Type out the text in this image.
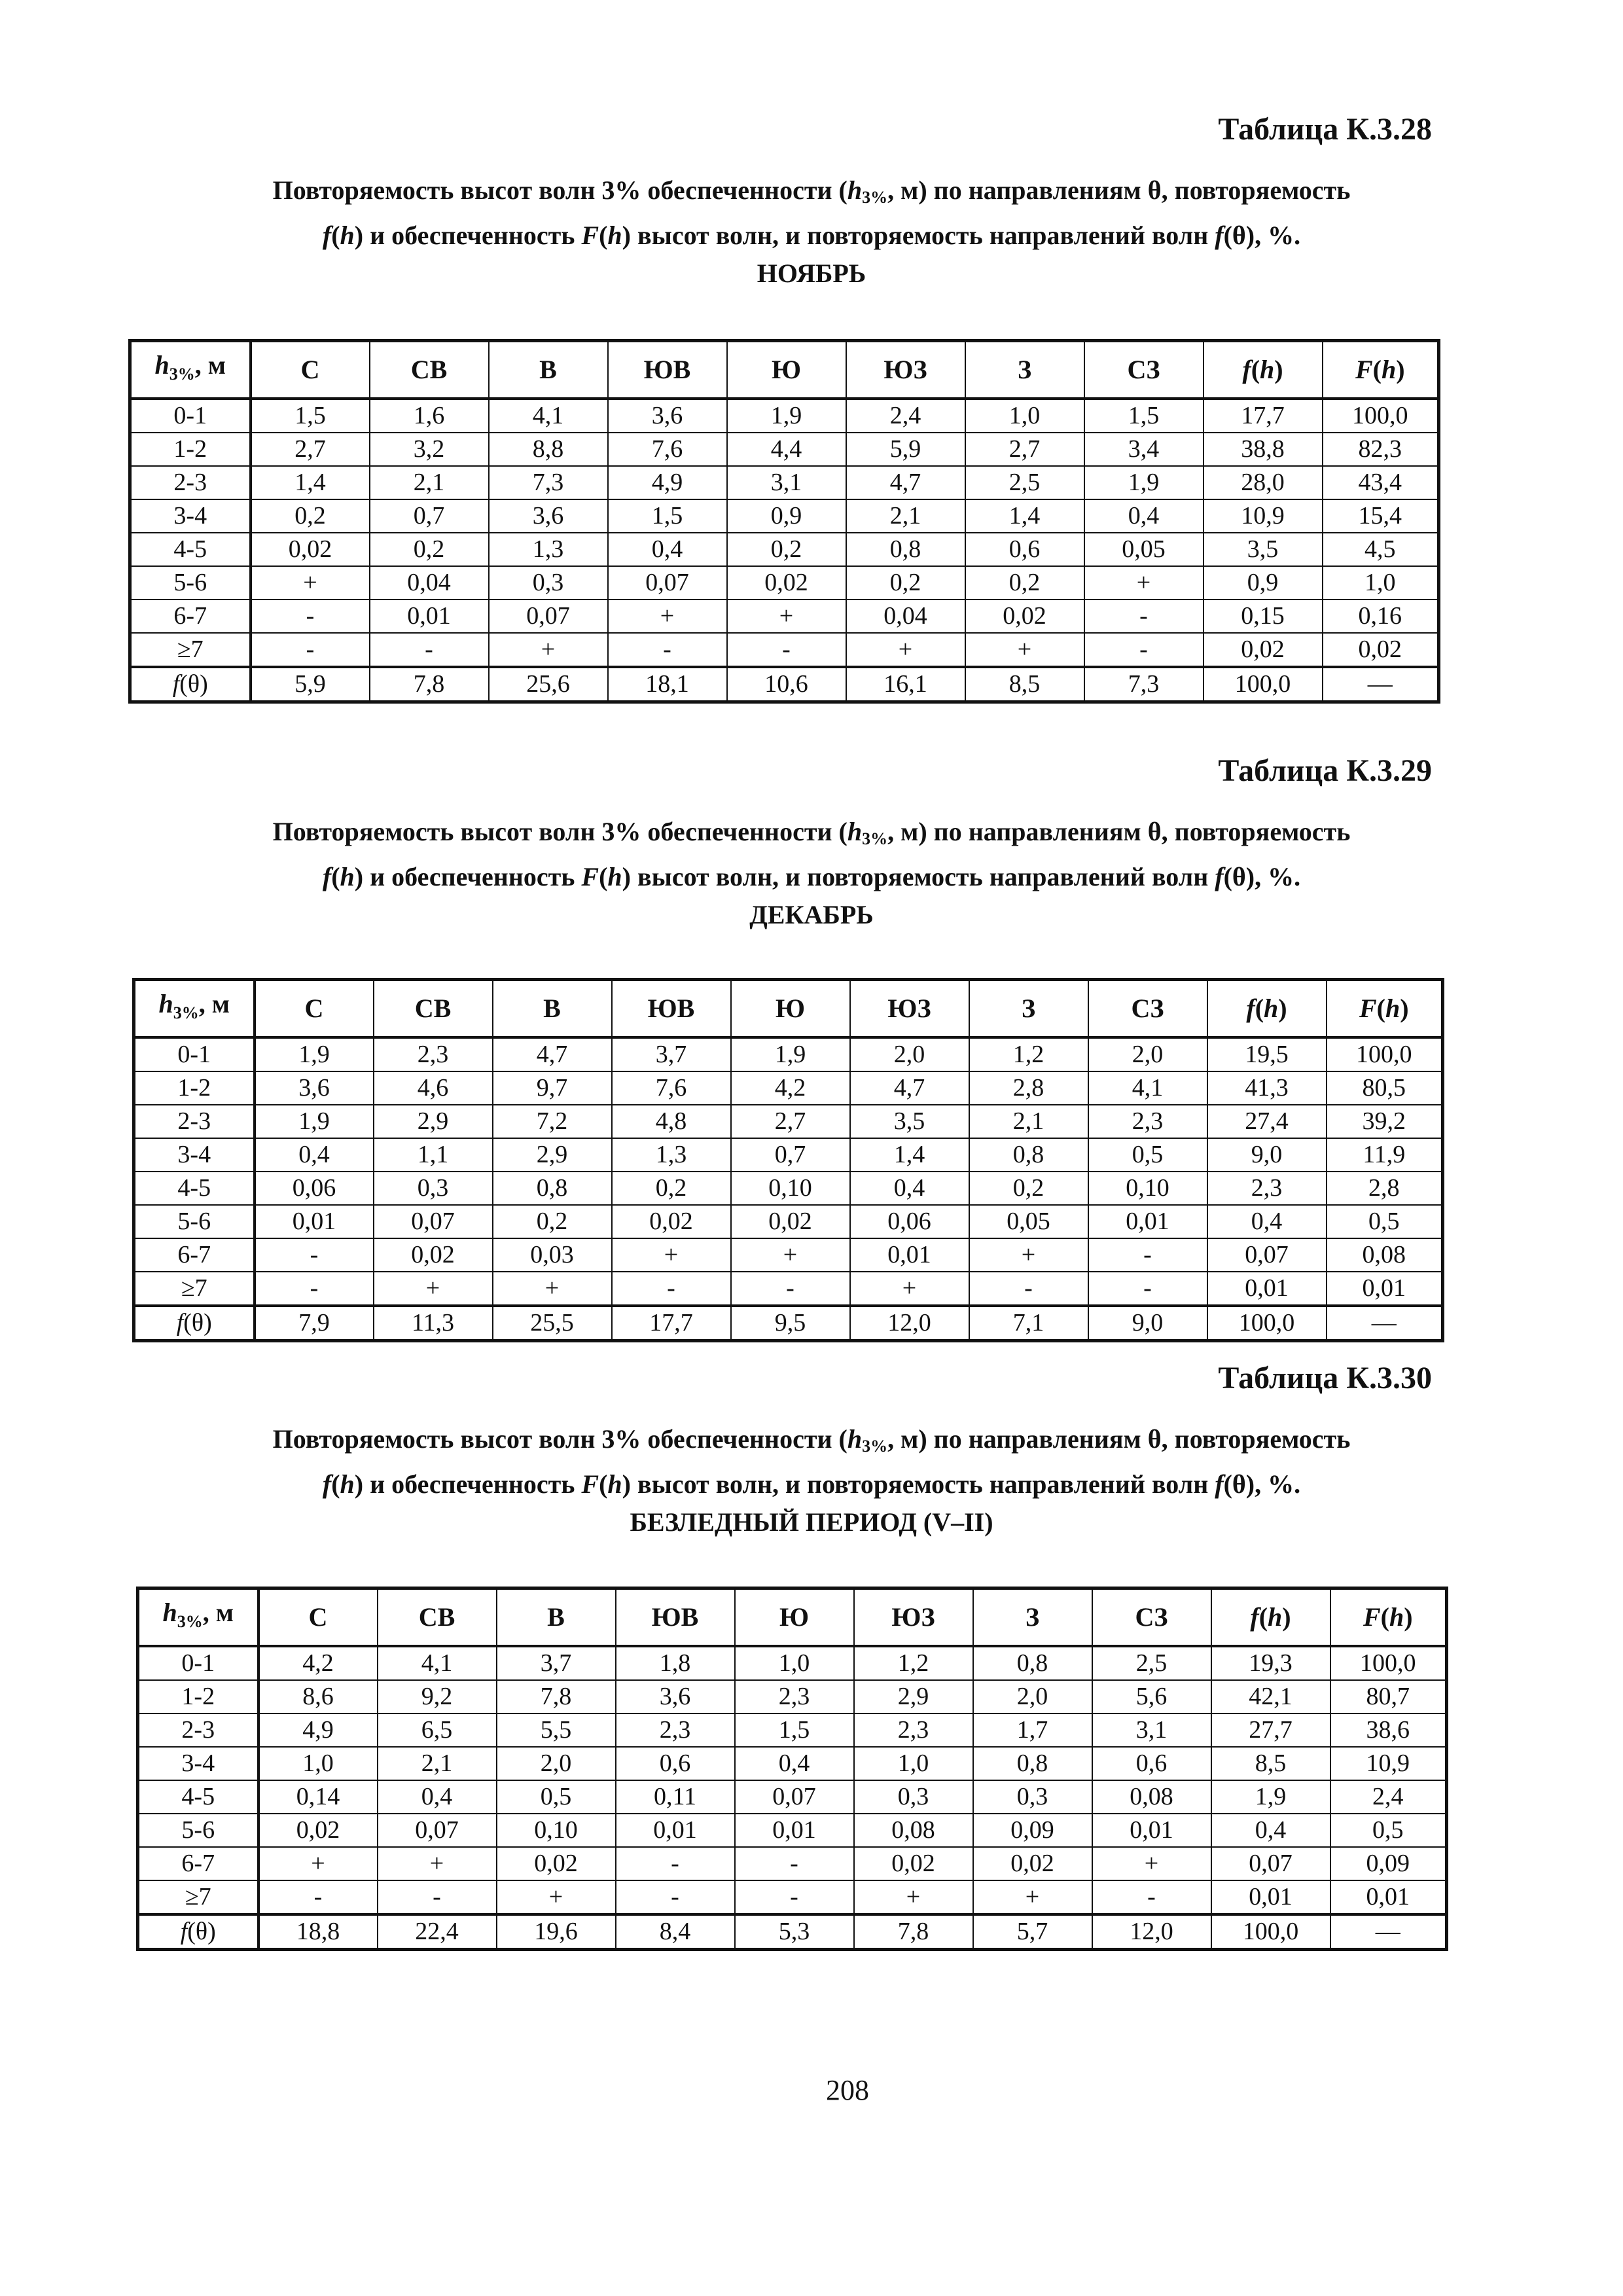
Таблица К.3.28
Повторяемость высот волн 3% обеспеченности ($h_{3\%}$, м) по направлениям θ, повторяемость
f(h) и обеспеченность F(h) высот волн, и повторяемость направлений волн f(θ), %.
НОЯБРЬ
$h_{3\%}$, м	С	СВ	В	ЮВ	Ю	ЮЗ	З	СЗ	f(h)	F(h)
0-1	1,5	1,6	4,1	3,6	1,9	2,4	1,0	1,5	17,7	100,0
1-2	2,7	3,2	8,8	7,6	4,4	5,9	2,7	3,4	38,8	82,3
2-3	1,4	2,1	7,3	4,9	3,1	4,7	2,5	1,9	28,0	43,4
3-4	0,2	0,7	3,6	1,5	0,9	2,1	1,4	0,4	10,9	15,4
4-5	0,02	0,2	1,3	0,4	0,2	0,8	0,6	0,05	3,5	4,5
5-6	+	0,04	0,3	0,07	0,02	0,2	0,2	+	0,9	1,0
6-7	-	0,01	0,07	+	+	0,04	0,02	-	0,15	0,16
≥7	-	-	+	-	-	+	+	-	0,02	0,02
f(θ)	5,9	7,8	25,6	18,1	10,6	16,1	8,5	7,3	100,0	—
Таблица К.3.29
Повторяемость высот волн 3% обеспеченности ($h_{3\%}$, м) по направлениям θ, повторяемость
f(h) и обеспеченность F(h) высот волн, и повторяемость направлений волн f(θ), %.
ДЕКАБРЬ
$h_{3\%}$, м	С	СВ	В	ЮВ	Ю	ЮЗ	З	СЗ	f(h)	F(h)
0-1	1,9	2,3	4,7	3,7	1,9	2,0	1,2	2,0	19,5	100,0
1-2	3,6	4,6	9,7	7,6	4,2	4,7	2,8	4,1	41,3	80,5
2-3	1,9	2,9	7,2	4,8	2,7	3,5	2,1	2,3	27,4	39,2
3-4	0,4	1,1	2,9	1,3	0,7	1,4	0,8	0,5	9,0	11,9
4-5	0,06	0,3	0,8	0,2	0,10	0,4	0,2	0,10	2,3	2,8
5-6	0,01	0,07	0,2	0,02	0,02	0,06	0,05	0,01	0,4	0,5
6-7	-	0,02	0,03	+	+	0,01	+	-	0,07	0,08
≥7	-	+	+	-	-	+	-	-	0,01	0,01
f(θ)	7,9	11,3	25,5	17,7	9,5	12,0	7,1	9,0	100,0	—
Таблица К.3.30
Повторяемость высот волн 3% обеспеченности ($h_{3\%}$, м) по направлениям θ, повторяемость
f(h) и обеспеченность F(h) высот волн, и повторяемость направлений волн f(θ), %.
БЕЗЛЕДНЫЙ ПЕРИОД (V–II)
$h_{3\%}$, м	С	СВ	В	ЮВ	Ю	ЮЗ	З	СЗ	f(h)	F(h)
0-1	4,2	4,1	3,7	1,8	1,0	1,2	0,8	2,5	19,3	100,0
1-2	8,6	9,2	7,8	3,6	2,3	2,9	2,0	5,6	42,1	80,7
2-3	4,9	6,5	5,5	2,3	1,5	2,3	1,7	3,1	27,7	38,6
3-4	1,0	2,1	2,0	0,6	0,4	1,0	0,8	0,6	8,5	10,9
4-5	0,14	0,4	0,5	0,11	0,07	0,3	0,3	0,08	1,9	2,4
5-6	0,02	0,07	0,10	0,01	0,01	0,08	0,09	0,01	0,4	0,5
6-7	+	+	0,02	-	-	0,02	0,02	+	0,07	0,09
≥7	-	-	+	-	-	+	+	-	0,01	0,01
f(θ)	18,8	22,4	19,6	8,4	5,3	7,8	5,7	12,0	100,0	—
208
